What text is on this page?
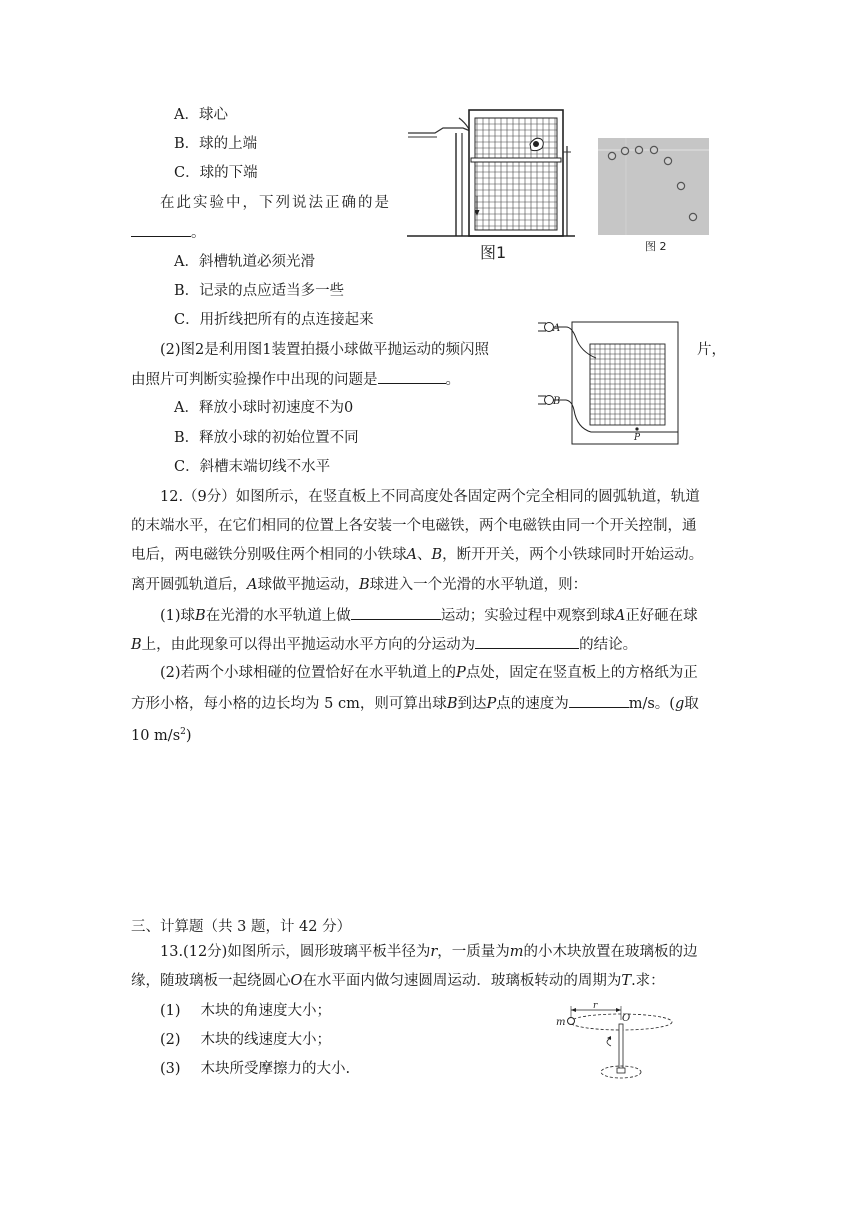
A．球心
B．球的上端
C．球的下端
在此实验中，下列说法正确的是
。
A．斜槽轨道必须光滑
B．记录的点应适当多一些
C．用折线把所有的点连接起来
(2)图2是利用图1装置拍摄小球做平抛运动的频闪照	片，
由照片可判断实验操作中出现的问题是	。
A．释放小球时初速度不为0
B．释放小球的初始位置不同
C．斜槽末端切线不水平
图1	图 2
A
B
P
12.（9分）如图所示，在竖直板上不同高度处各固定两个完全相同的圆弧轨道，轨道
的末端水平，在它们相同的位置上各安装一个电磁铁，两个电磁铁由同一个开关控制，通
电后，两电磁铁分别吸住两个相同的小铁球A、B，断开开关，两个小铁球同时开始运动。
离开圆弧轨道后，A球做平抛运动，B球进入一个光滑的水平轨道，则：
(1)球B在光滑的水平轨道上做	运动；实验过程中观察到球A正好砸在球
B上，由此现象可以得出平抛运动水平方向的分运动为	的结论。
(2)若两个小球相碰的位置恰好在水平轨道上的P点处，固定在竖直板上的方格纸为正
方形小格，每小格的边长均为 5 cm，则可算出球B到达P点的速度为	m/s。(g取
10 $m/s^2$)
三、计算题（共 3 题，计 42 分）
13.(12分)如图所示，圆形玻璃平板半径为r，一质量为m的小木块放置在玻璃板的边
缘，随玻璃板一起绕圆心O在水平面内做匀速圆周运动．玻璃板转动的周期为T.求：
(1) 木块的角速度大小；
(2) 木块的线速度大小；
(3) 木块所受摩擦力的大小.
r
m	O
